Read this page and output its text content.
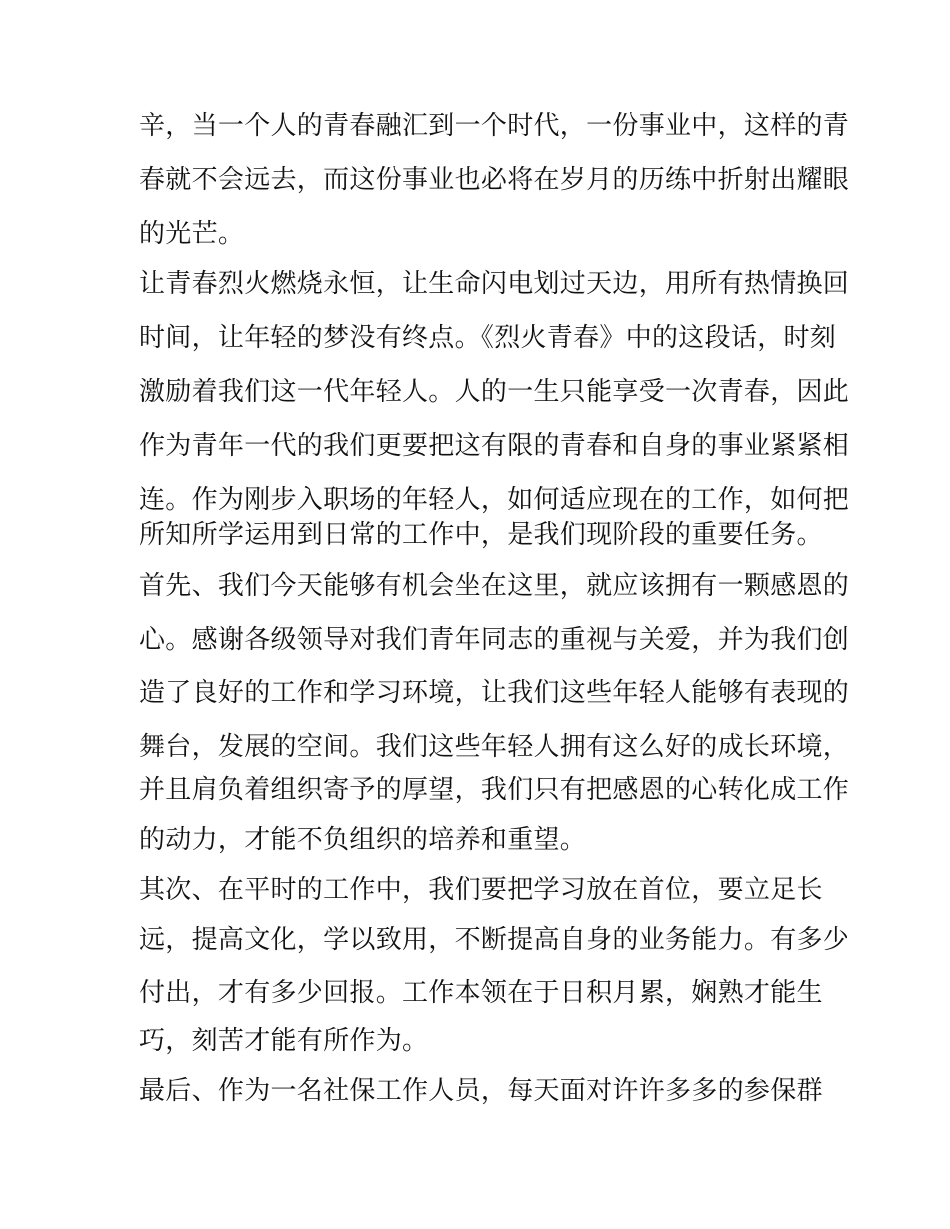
辛，当一个人的青春融汇到一个时代，一份事业中，这样的青
春就不会远去，而这份事业也必将在岁月的历练中折射出耀眼
的光芒。
让青春烈火燃烧永恒，让生命闪电划过天边，用所有热情换回
时间，让年轻的梦没有终点。《烈火青春》中的这段话，时刻
激励着我们这一代年轻人。人的一生只能享受一次青春，因此
作为青年一代的我们更要把这有限的青春和自身的事业紧紧相
连。作为刚步入职场的年轻人，如何适应现在的工作，如何把
所知所学运用到日常的工作中，是我们现阶段的重要任务。
首先、我们今天能够有机会坐在这里，就应该拥有一颗感恩的
心。感谢各级领导对我们青年同志的重视与关爱，并为我们创
造了良好的工作和学习环境，让我们这些年轻人能够有表现的
舞台，发展的空间。我们这些年轻人拥有这么好的成长环境，
并且肩负着组织寄予的厚望，我们只有把感恩的心转化成工作
的动力，才能不负组织的培养和重望。
其次、在平时的工作中，我们要把学习放在首位，要立足长
远，提高文化，学以致用，不断提高自身的业务能力。有多少
付出，才有多少回报。工作本领在于日积月累，娴熟才能生
巧，刻苦才能有所作为。
最后、作为一名社保工作人员，每天面对许许多多的参保群
